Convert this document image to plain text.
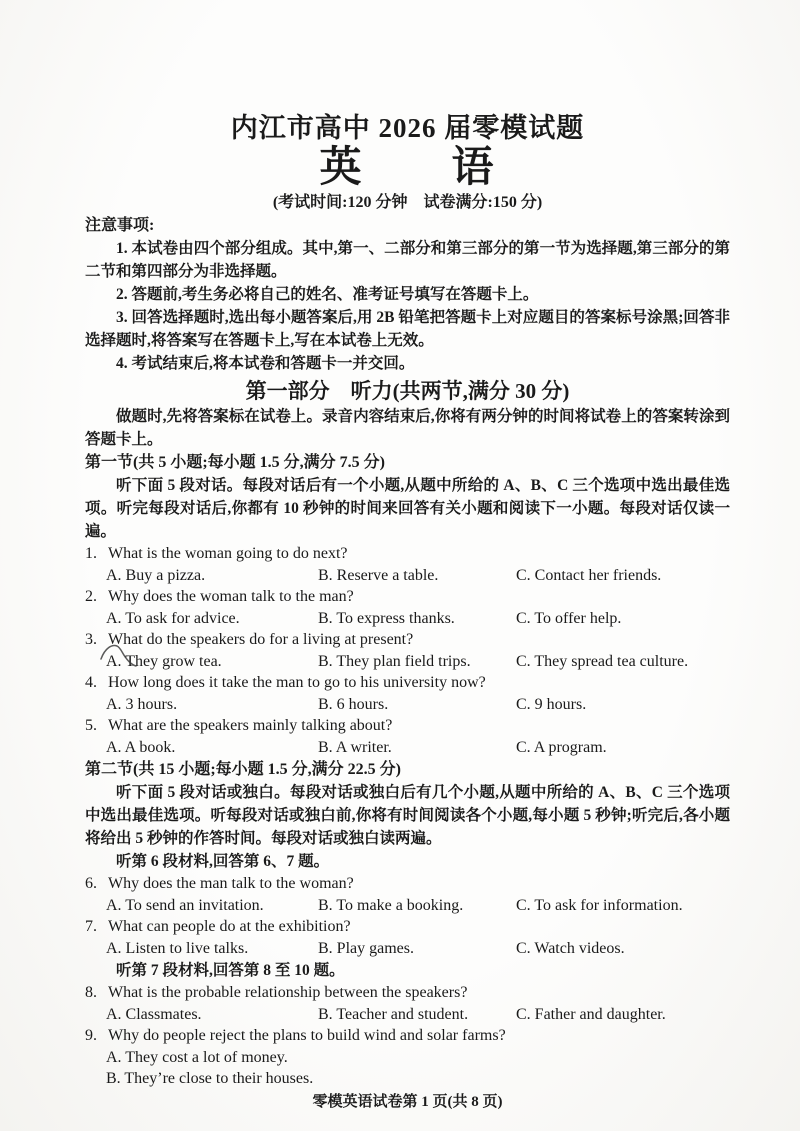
内江市高中 2026 届零模试题
英　　语
(考试时间:120 分钟　试卷满分:150 分)
注意事项:

1. 本试卷由四个部分组成。其中,第一、二部分和第三部分的第一节为选择题,第三部分的第二节和第四部分为非选择题。

2. 答题前,考生务必将自己的姓名、准考证号填写在答题卡上。

3. 回答选择题时,选出每小题答案后,用 2B 铅笔把答题卡上对应题目的答案标号涂黑;回答非选择题时,将答案写在答题卡上,写在本试卷上无效。

4. 考试结束后,将本试卷和答题卡一并交回。

第一部分　听力(共两节,满分 30 分)

做题时,先将答案标在试卷上。录音内容结束后,你将有两分钟的时间将试卷上的答案转涂到答题卡上。

第一节(共 5 小题;每小题 1.5 分,满分 7.5 分)

听下面 5 段对话。每段对话后有一个小题,从题中所给的 A、B、C 三个选项中选出最佳选项。听完每段对话后,你都有 10 秒钟的时间来回答有关小题和阅读下一小题。每段对话仅读一遍。

1. What is the woman going to do next?
A. Buy a pizza.	B. Reserve a table.	C. Contact her friends.
2. Why does the woman talk to the man?
A. To ask for advice.	B. To express thanks.	C. To offer help.
3. What do the speakers do for a living at present?
A. They grow tea.	B. They plan field trips.	C. They spread tea culture.
4. How long does it take the man to go to his university now?
A. 3 hours.	B. 6 hours.	C. 9 hours.
5. What are the speakers mainly talking about?
A. A book.	B. A writer.	C. A program.
第二节(共 15 小题;每小题 1.5 分,满分 22.5 分)

听下面 5 段对话或独白。每段对话或独白后有几个小题,从题中所给的 A、B、C 三个选项中选出最佳选项。听每段对话或独白前,你将有时间阅读各个小题,每小题 5 秒钟;听完后,各小题将给出 5 秒钟的作答时间。每段对话或独白读两遍。

听第 6 段材料,回答第 6、7 题。

6. Why does the man talk to the woman?
A. To send an invitation.	B. To make a booking.	C. To ask for information.
7. What can people do at the exhibition?
A. Listen to live talks.	B. Play games.	C. Watch videos.

听第 7 段材料,回答第 8 至 10 题。

8. What is the probable relationship between the speakers?
A. Classmates.	B. Teacher and student.	C. Father and daughter.
9. Why do people reject the plans to build wind and solar farms?
A. They cost a lot of money.
B. They’re close to their houses.
零模英语试卷第 1 页(共 8 页)
